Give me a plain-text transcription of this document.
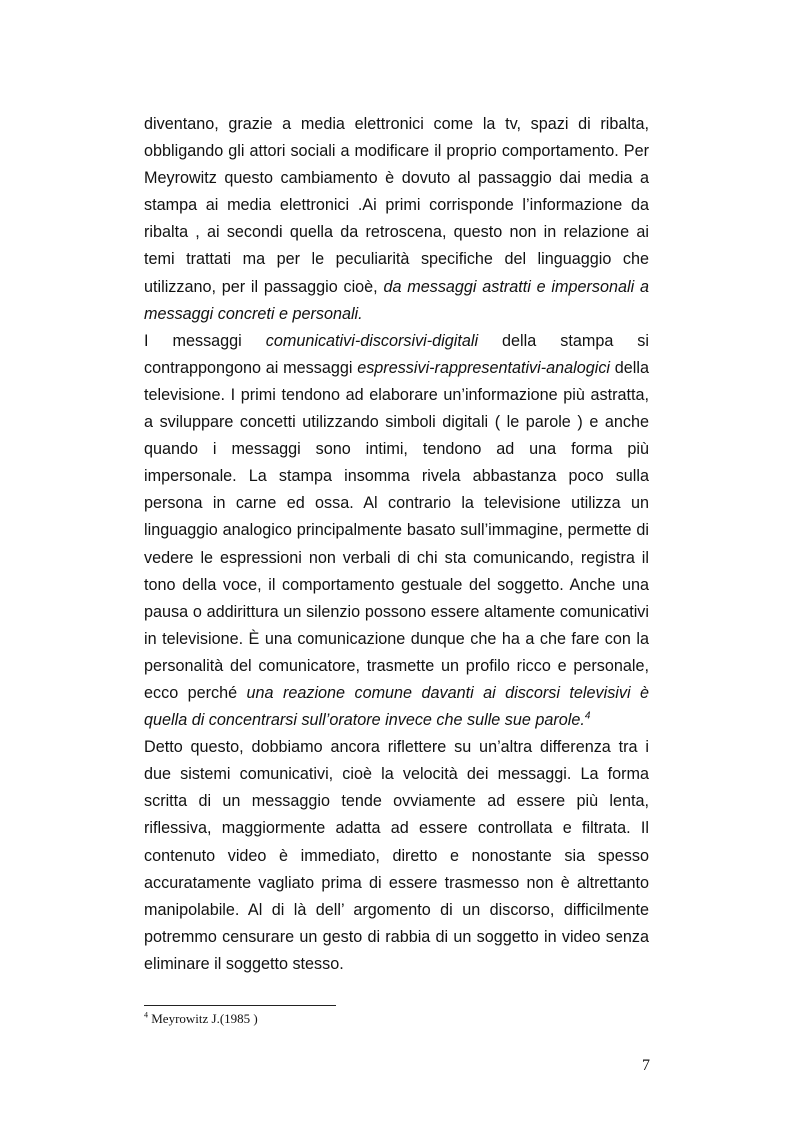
diventano, grazie a media elettronici come la tv, spazi di ribalta, obbligando gli attori sociali a modificare il proprio comportamento. Per Meyrowitz questo cambiamento è dovuto al passaggio dai media a stampa ai media elettronici .Ai primi corrisponde l’informazione da ribalta , ai secondi quella da retroscena, questo non in relazione ai temi trattati ma per le peculiarità specifiche del linguaggio che utilizzano, per il passaggio cioè, da messaggi astratti e impersonali a messaggi concreti e personali.

I messaggi comunicativi-discorsivi-digitali della stampa si contrappongono ai messaggi espressivi-rappresentativi-analogici della televisione. I primi tendono ad elaborare un’informazione più astratta, a sviluppare concetti utilizzando simboli digitali ( le parole ) e anche quando i messaggi sono intimi, tendono ad una forma più impersonale. La stampa insomma rivela abbastanza poco sulla persona in carne ed ossa. Al contrario la televisione utilizza un linguaggio analogico principalmente basato sull’immagine, permette di vedere le espressioni non verbali di chi sta comunicando, registra il tono della voce, il comportamento gestuale del soggetto. Anche una pausa o addirittura un silenzio possono essere altamente comunicativi in televisione. È una comunicazione dunque che ha a che fare con la personalità del comunicatore, trasmette un profilo ricco e personale, ecco perché una reazione comune davanti ai discorsi televisivi è quella di concentrarsi sull’oratore invece che sulle sue parole.$^4$

Detto questo, dobbiamo ancora riflettere su un’altra differenza tra i due sistemi comunicativi, cioè la velocità dei messaggi. La forma scritta di un messaggio tende ovviamente ad essere più lenta, riflessiva, maggiormente adatta ad essere controllata e filtrata. Il contenuto video è immediato, diretto e nonostante sia spesso accuratamente vagliato prima di essere trasmesso non è altrettanto manipolabile. Al di là dell’ argomento di un discorso, difficilmente potremmo censurare un gesto di rabbia di un soggetto in video senza eliminare il soggetto stesso.

$^4$ Meyrowitz J.(1985 )
7
